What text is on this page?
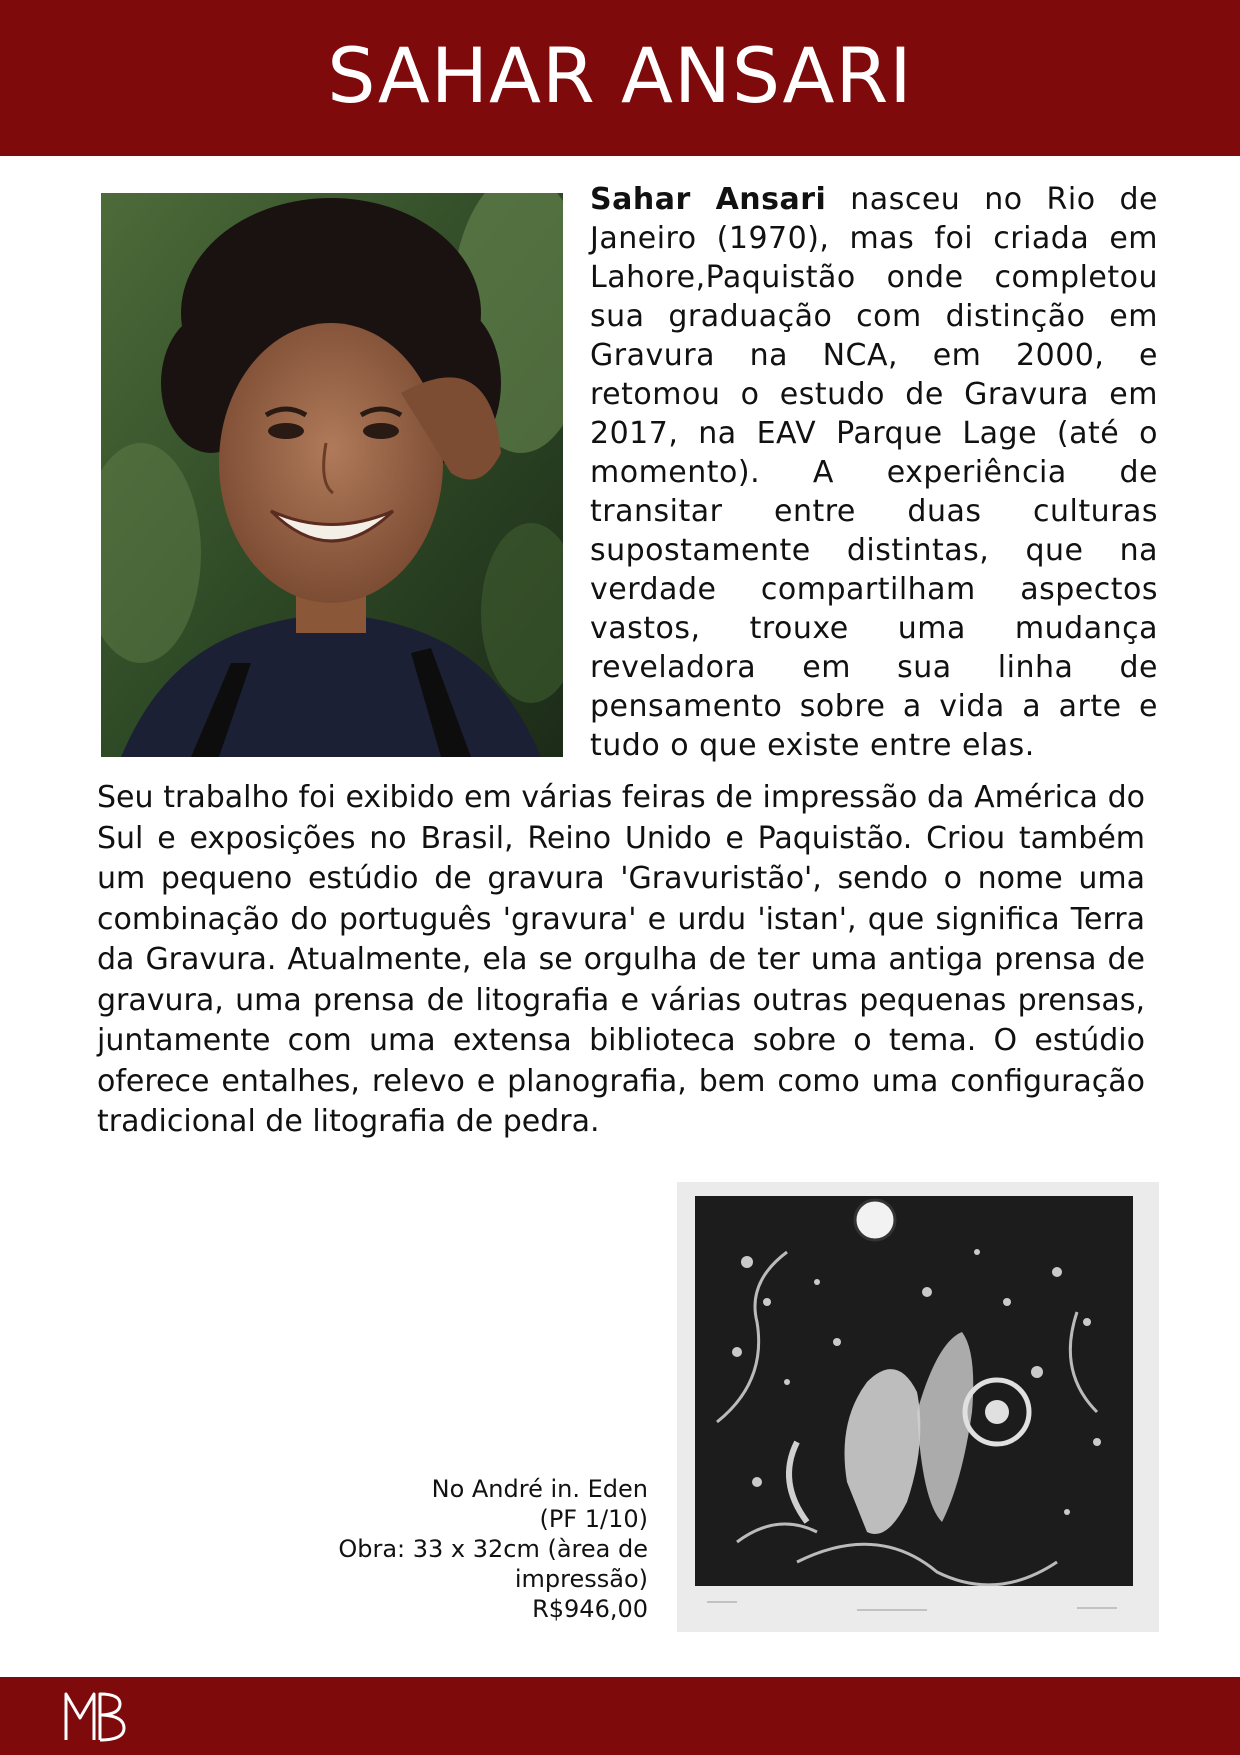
SAHAR ANSARI

Sahar Ansari nasceu no Rio de Janeiro (1970), mas foi criada em Lahore,Paquistão onde completou sua graduação com distinção em Gravura na NCA, em 2000, e retomou o estudo de Gravura em 2017, na EAV Parque Lage (até o momento). A experiência de transitar entre duas culturas supostamente distintas, que na verdade compartilham aspectos vastos, trouxe uma mudança reveladora em sua linha de pensamento sobre a vida a arte e tudo o que existe entre elas.

Seu trabalho foi exibido em várias feiras de impressão da América do Sul e exposições no Brasil, Reino Unido e Paquistão. Criou também um pequeno estúdio de gravura 'Gravuristão', sendo o nome uma combinação do português 'gravura' e urdu 'istan', que significa Terra da Gravura. Atualmente, ela se orgulha de ter uma antiga prensa de gravura, uma prensa de litografia e várias outras pequenas prensas, juntamente com uma extensa biblioteca sobre o tema. O estúdio oferece entalhes, relevo e planografia, bem como uma configuração tradicional de litografia de pedra.

No André in. Eden
(PF 1/10)
Obra: 33 x 32cm (àrea de impressão)
R$946,00
